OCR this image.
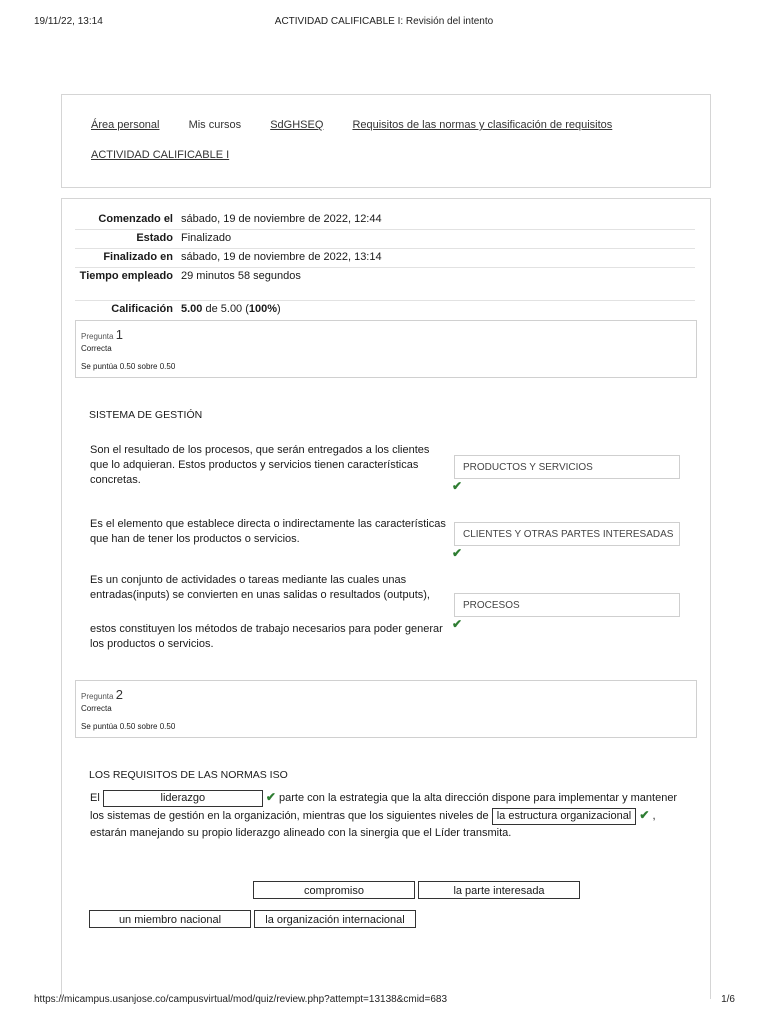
19/11/22, 13:14	ACTIVIDAD CALIFICABLE I: Revisión del intento
Área personal	Mis cursos	SdGHSEQ	Requisitos de las normas y clasificación de requisitos
ACTIVIDAD CALIFICABLE I
Comenzado el sábado, 19 de noviembre de 2022, 12:44
Estado Finalizado
Finalizado en sábado, 19 de noviembre de 2022, 13:14
Tiempo empleado 29 minutos 58 segundos
Calificación 5.00 de 5.00 (100%)
Pregunta 1
Correcta
Se puntúa 0.50 sobre 0.50
SISTEMA DE GESTIÓN
Son el resultado de los procesos, que serán entregados a los clientes que lo adquieran. Estos productos y servicios tienen características concretas.
PRODUCTOS Y SERVICIOS
✔
Es el elemento que establece directa o indirectamente las características que han de tener los productos o servicios.	CLIENTES Y OTRAS PARTES INTERESADAS
✔
Es un conjunto de actividades o tareas mediante las cuales unas entradas(inputs) se convierten en unas salidas o resultados (outputs),
estos constituyen los métodos de trabajo necesarios para poder generar los productos o servicios.
PROCESOS
✔
Pregunta 2
Correcta
Se puntúa 0.50 sobre 0.50
LOS REQUISITOS DE LAS NORMAS ISO
El	liderazgo	✔ parte con la estrategia que la alta dirección dispone para implementar y mantener los sistemas de gestión en la organización, mientras que los siguientes niveles de la estructura organizacional ✔ , estarán manejando su propio liderazgo alineado con la sinergia que el Líder transmita.
compromiso	la parte interesada
un miembro nacional	la organización internacional
https://micampus.usanjose.co/campusvirtual/mod/quiz/review.php?attempt=13138&cmid=683	1/6
